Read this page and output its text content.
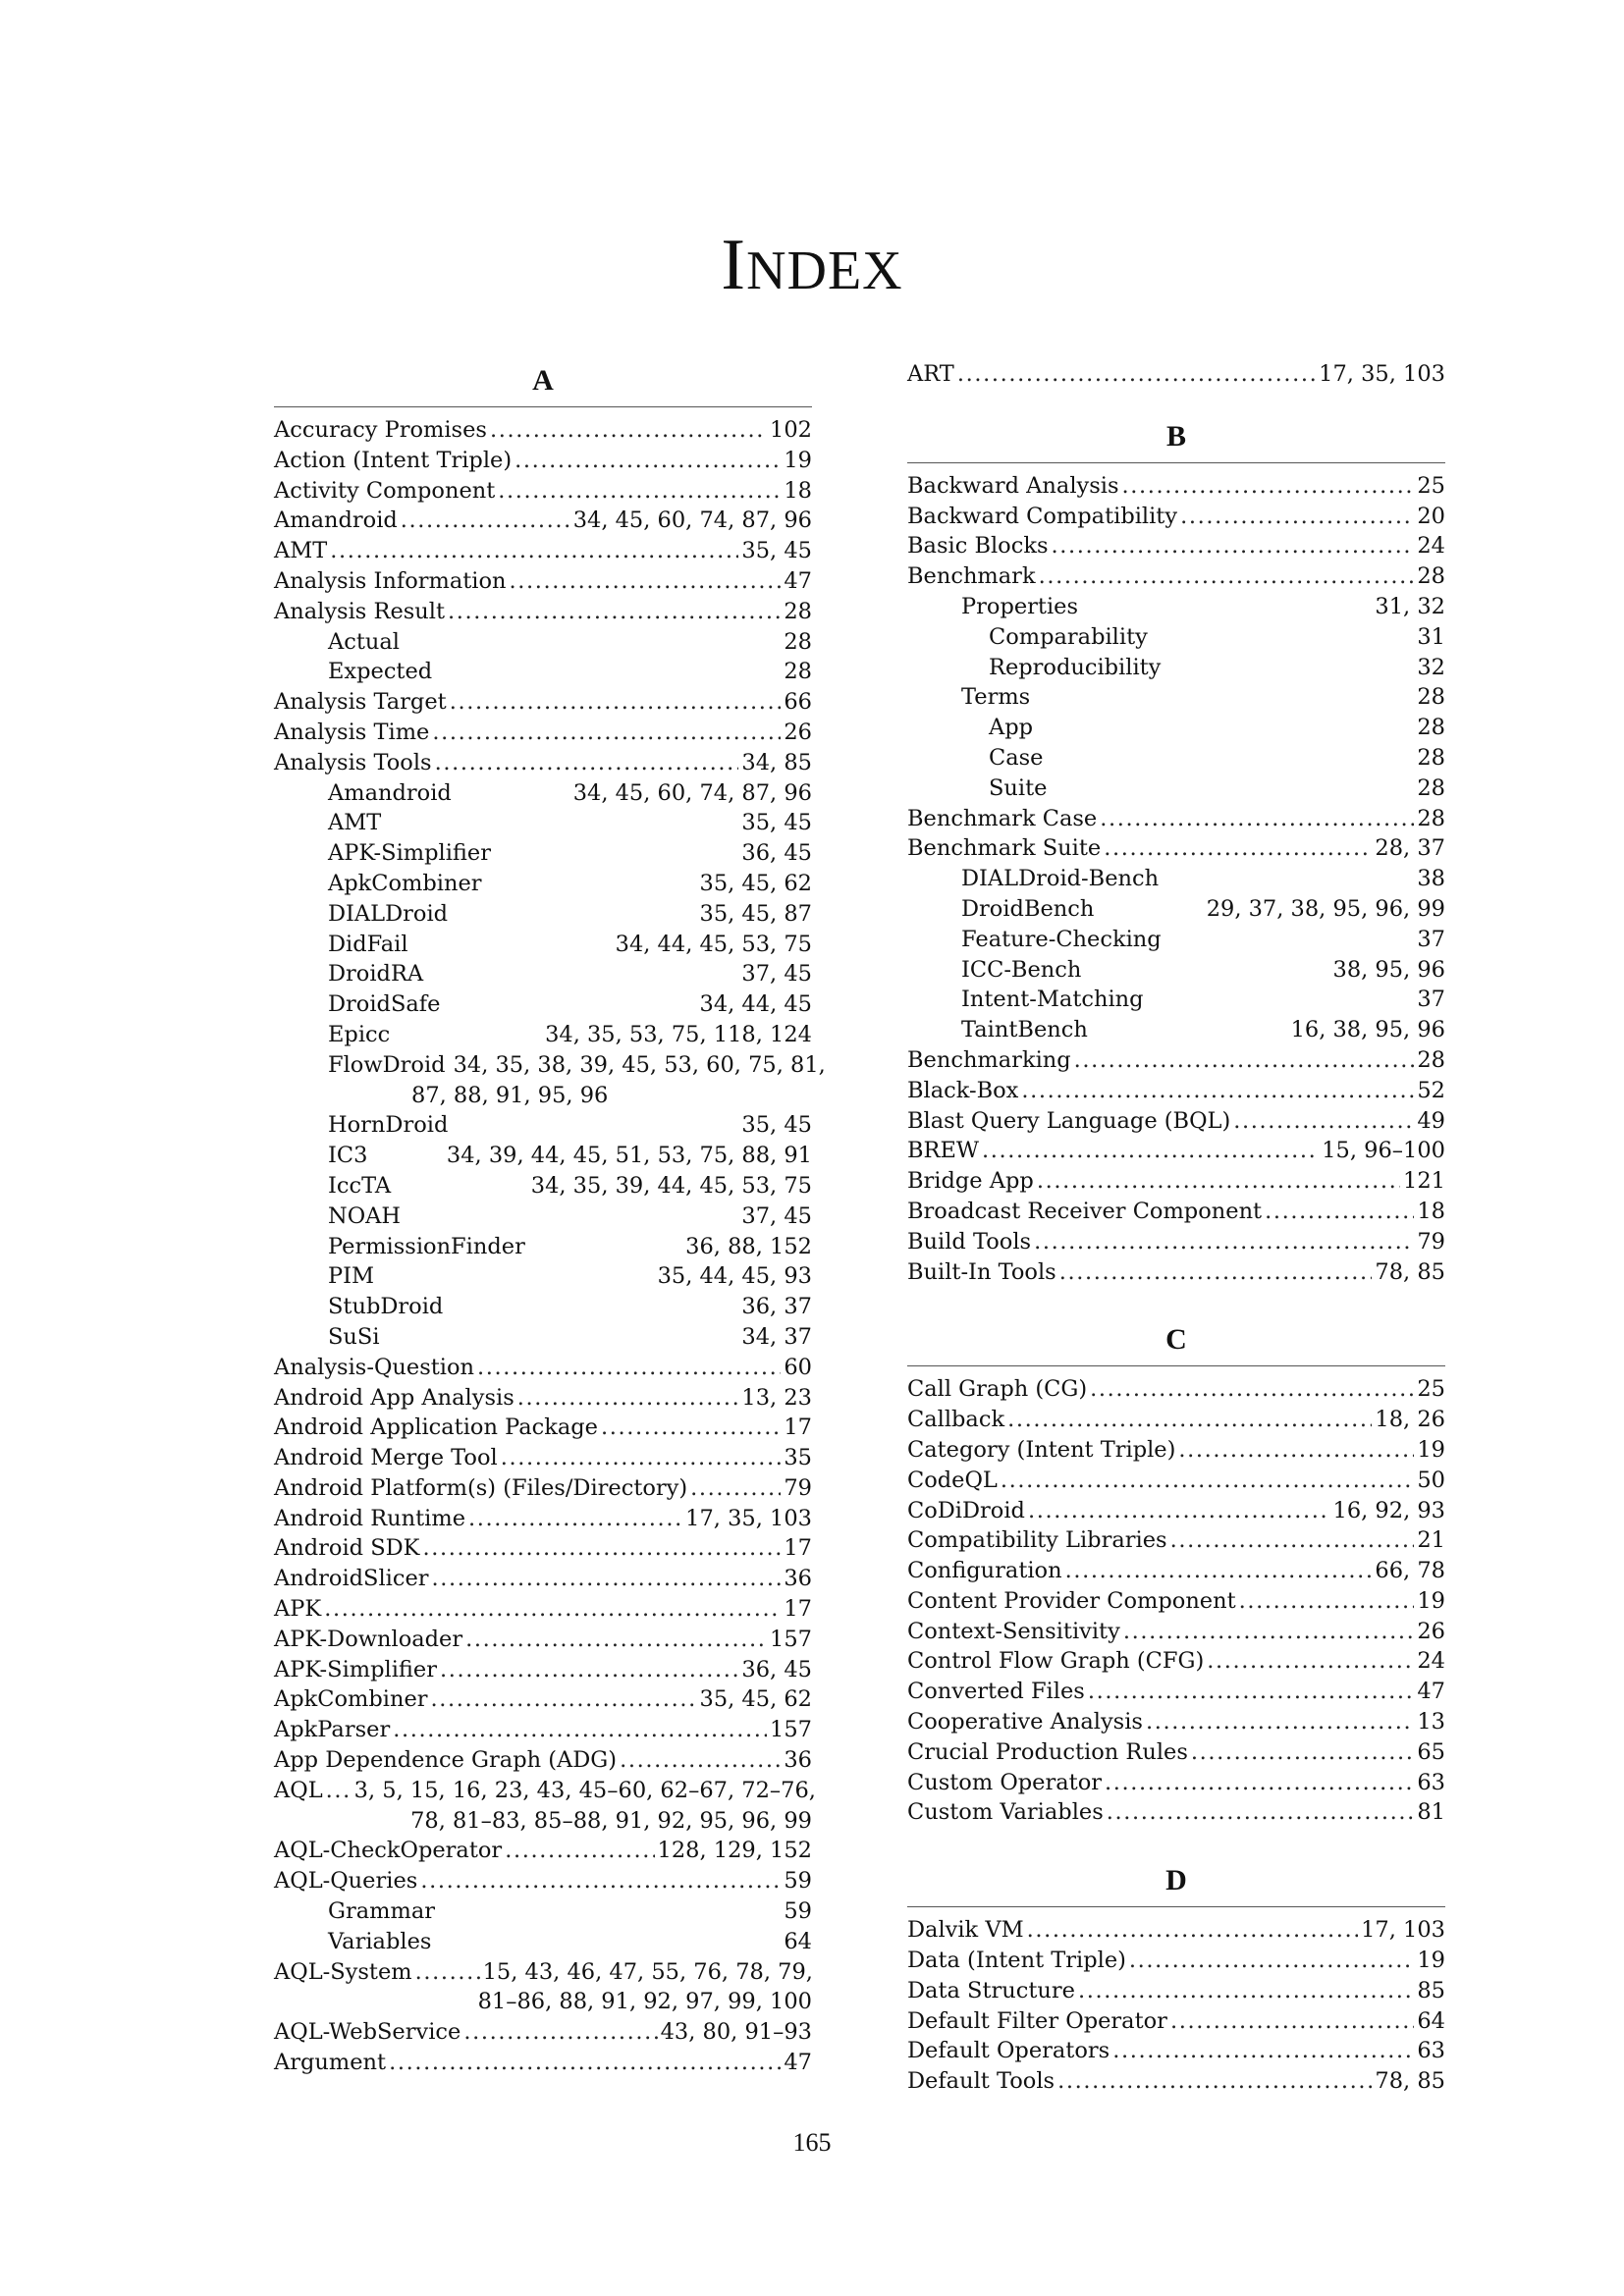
INDEX
A
Accuracy Promises .....	102
Action (Intent Triple) .....	19
Activity Component .....	18
Amandroid .....	34, 45, 60, 74, 87, 96
AMT .....	35, 45
Analysis Information .....	47
Analysis Result .....	28
Actual	28
Expected	28
Analysis Target .....	66
Analysis Time .....	26
Analysis Tools .....	34, 85
Amandroid	34, 45, 60, 74, 87, 96
AMT	35, 45
APK-Simplifier	36, 45
ApkCombiner	35, 45, 62
DIALDroid	35, 45, 87
DidFail	34, 44, 45, 53, 75
DroidRA	37, 45
DroidSafe	34, 44, 45
Epicc	34, 35, 53, 75, 118, 124
FlowDroid 34, 35, 38, 39, 45, 53, 60, 75, 81,
87, 88, 91, 95, 96
HornDroid	35, 45
IC3	34, 39, 44, 45, 51, 53, 75, 88, 91
IccTA	34, 35, 39, 44, 45, 53, 75
NOAH	37, 45
PermissionFinder	36, 88, 152
PIM	35, 44, 45, 93
StubDroid	36, 37
SuSi	34, 37
Analysis-Question .....	60
Android App Analysis .....	13, 23
Android Application Package .....	17
Android Merge Tool .....	35
Android Platform(s) (Files/Directory) .....	79
Android Runtime .....	17, 35, 103
Android SDK .....	17
AndroidSlicer .....	36
APK .....	17
APK-Downloader .....	157
APK-Simplifier .....	36, 45
ApkCombiner .....	35, 45, 62
ApkParser .....	157
App Dependence Graph (ADG) .....	36
AQL ..... 3, 5, 15, 16, 23, 43, 45–60, 62–67, 72–76,
78, 81–83, 85–88, 91, 92, 95, 96, 99
AQL-CheckOperator .....	128, 129, 152
AQL-Queries .....	59
Grammar	59
Variables	64
AQL-System .....	15, 43, 46, 47, 55, 76, 78, 79,
81–86, 88, 91, 92, 97, 99, 100
AQL-WebService .....	43, 80, 91–93
Argument .....	47
ART .....	17, 35, 103
B
Backward Analysis .....	25
Backward Compatibility .....	20
Basic Blocks .....	24
Benchmark .....	28
Properties	31, 32
Comparability	31
Reproducibility	32
Terms	28
App	28
Case	28
Suite	28
Benchmark Case .....	28
Benchmark Suite .....	28, 37
DIALDroid-Bench	38
DroidBench	29, 37, 38, 95, 96, 99
Feature-Checking	37
ICC-Bench	38, 95, 96
Intent-Matching	37
TaintBench	16, 38, 95, 96
Benchmarking .....	28
Black-Box .....	52
Blast Query Language (BQL) .....	49
BREW .....	15, 96–100
Bridge App .....	121
Broadcast Receiver Component .....	18
Build Tools .....	79
Built-In Tools .....	78, 85
C
Call Graph (CG) .....	25
Callback .....	18, 26
Category (Intent Triple) .....	19
CodeQL .....	50
CoDiDroid .....	16, 92, 93
Compatibility Libraries .....	21
Configuration .....	66, 78
Content Provider Component .....	19
Context-Sensitivity .....	26
Control Flow Graph (CFG) .....	24
Converted Files .....	47
Cooperative Analysis .....	13
Crucial Production Rules .....	65
Custom Operator .....	63
Custom Variables .....	81
D
Dalvik VM .....	17, 103
Data (Intent Triple) .....	19
Data Structure .....	85
Default Filter Operator .....	64
Default Operators .....	63
Default Tools .....	78, 85
165
